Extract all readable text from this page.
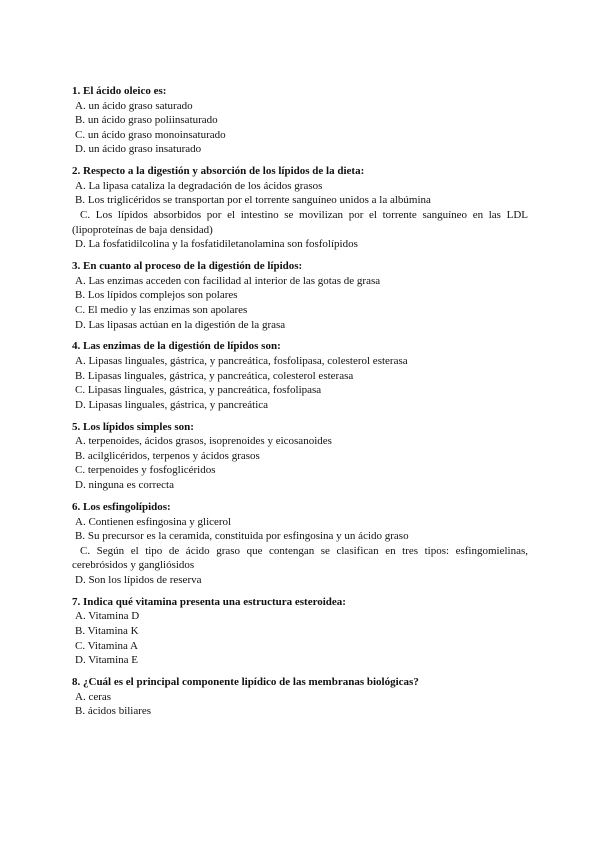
1. El ácido oleico es:

A. un ácido graso saturado

B. un ácido graso poliinsaturado

C. un ácido graso monoinsaturado

D. un ácido graso insaturado

2. Respecto a la digestión y absorción de los lípidos de la dieta:

A. La lipasa cataliza la degradación de los ácidos grasos

B. Los triglicéridos se transportan por el torrente sanguíneo unidos a la albúmina

C. Los lípidos absorbidos por el intestino se movilizan por el torrente sanguíneo en las LDL

(lipoproteínas de baja densidad)

D. La fosfatidilcolina y la fosfatidiletanolamina son fosfolípidos

3. En cuanto al proceso de la digestión de lípidos:

A. Las enzimas acceden con facilidad al interior de las gotas de grasa

B. Los lípidos complejos son polares

C. El medio y las enzimas son apolares

D. Las lipasas actúan en la digestión de la grasa

4. Las enzimas de la digestión de lípidos son:

A. Lipasas linguales, gástrica, y pancreática, fosfolipasa, colesterol esterasa

B. Lipasas linguales, gástrica, y pancreática, colesterol esterasa

C. Lipasas linguales, gástrica, y pancreática, fosfolipasa

D. Lipasas linguales, gástrica, y pancreática

5. Los lípidos simples son:

A. terpenoides, ácidos grasos, isoprenoides y eicosanoides

B. acilglicéridos, terpenos y ácidos grasos

C. terpenoides y fosfoglicéridos

D. ninguna es correcta

6. Los esfingolípidos:

A. Contienen esfingosina y glicerol

B. Su precursor es la ceramida, constituida por esfingosina y un ácido graso

C. Según el tipo de ácido graso que contengan se clasifican en tres tipos: esfingomielinas,

cerebrósidos y gangliósidos

D. Son los lípidos de reserva

7. Indica qué vitamina presenta una estructura esteroidea:

A. Vitamina D

B. Vitamina K

C. Vitamina A

D. Vitamina E

8. ¿Cuál es el principal componente lipídico de las membranas biológicas?

A. ceras

B. ácidos biliares
